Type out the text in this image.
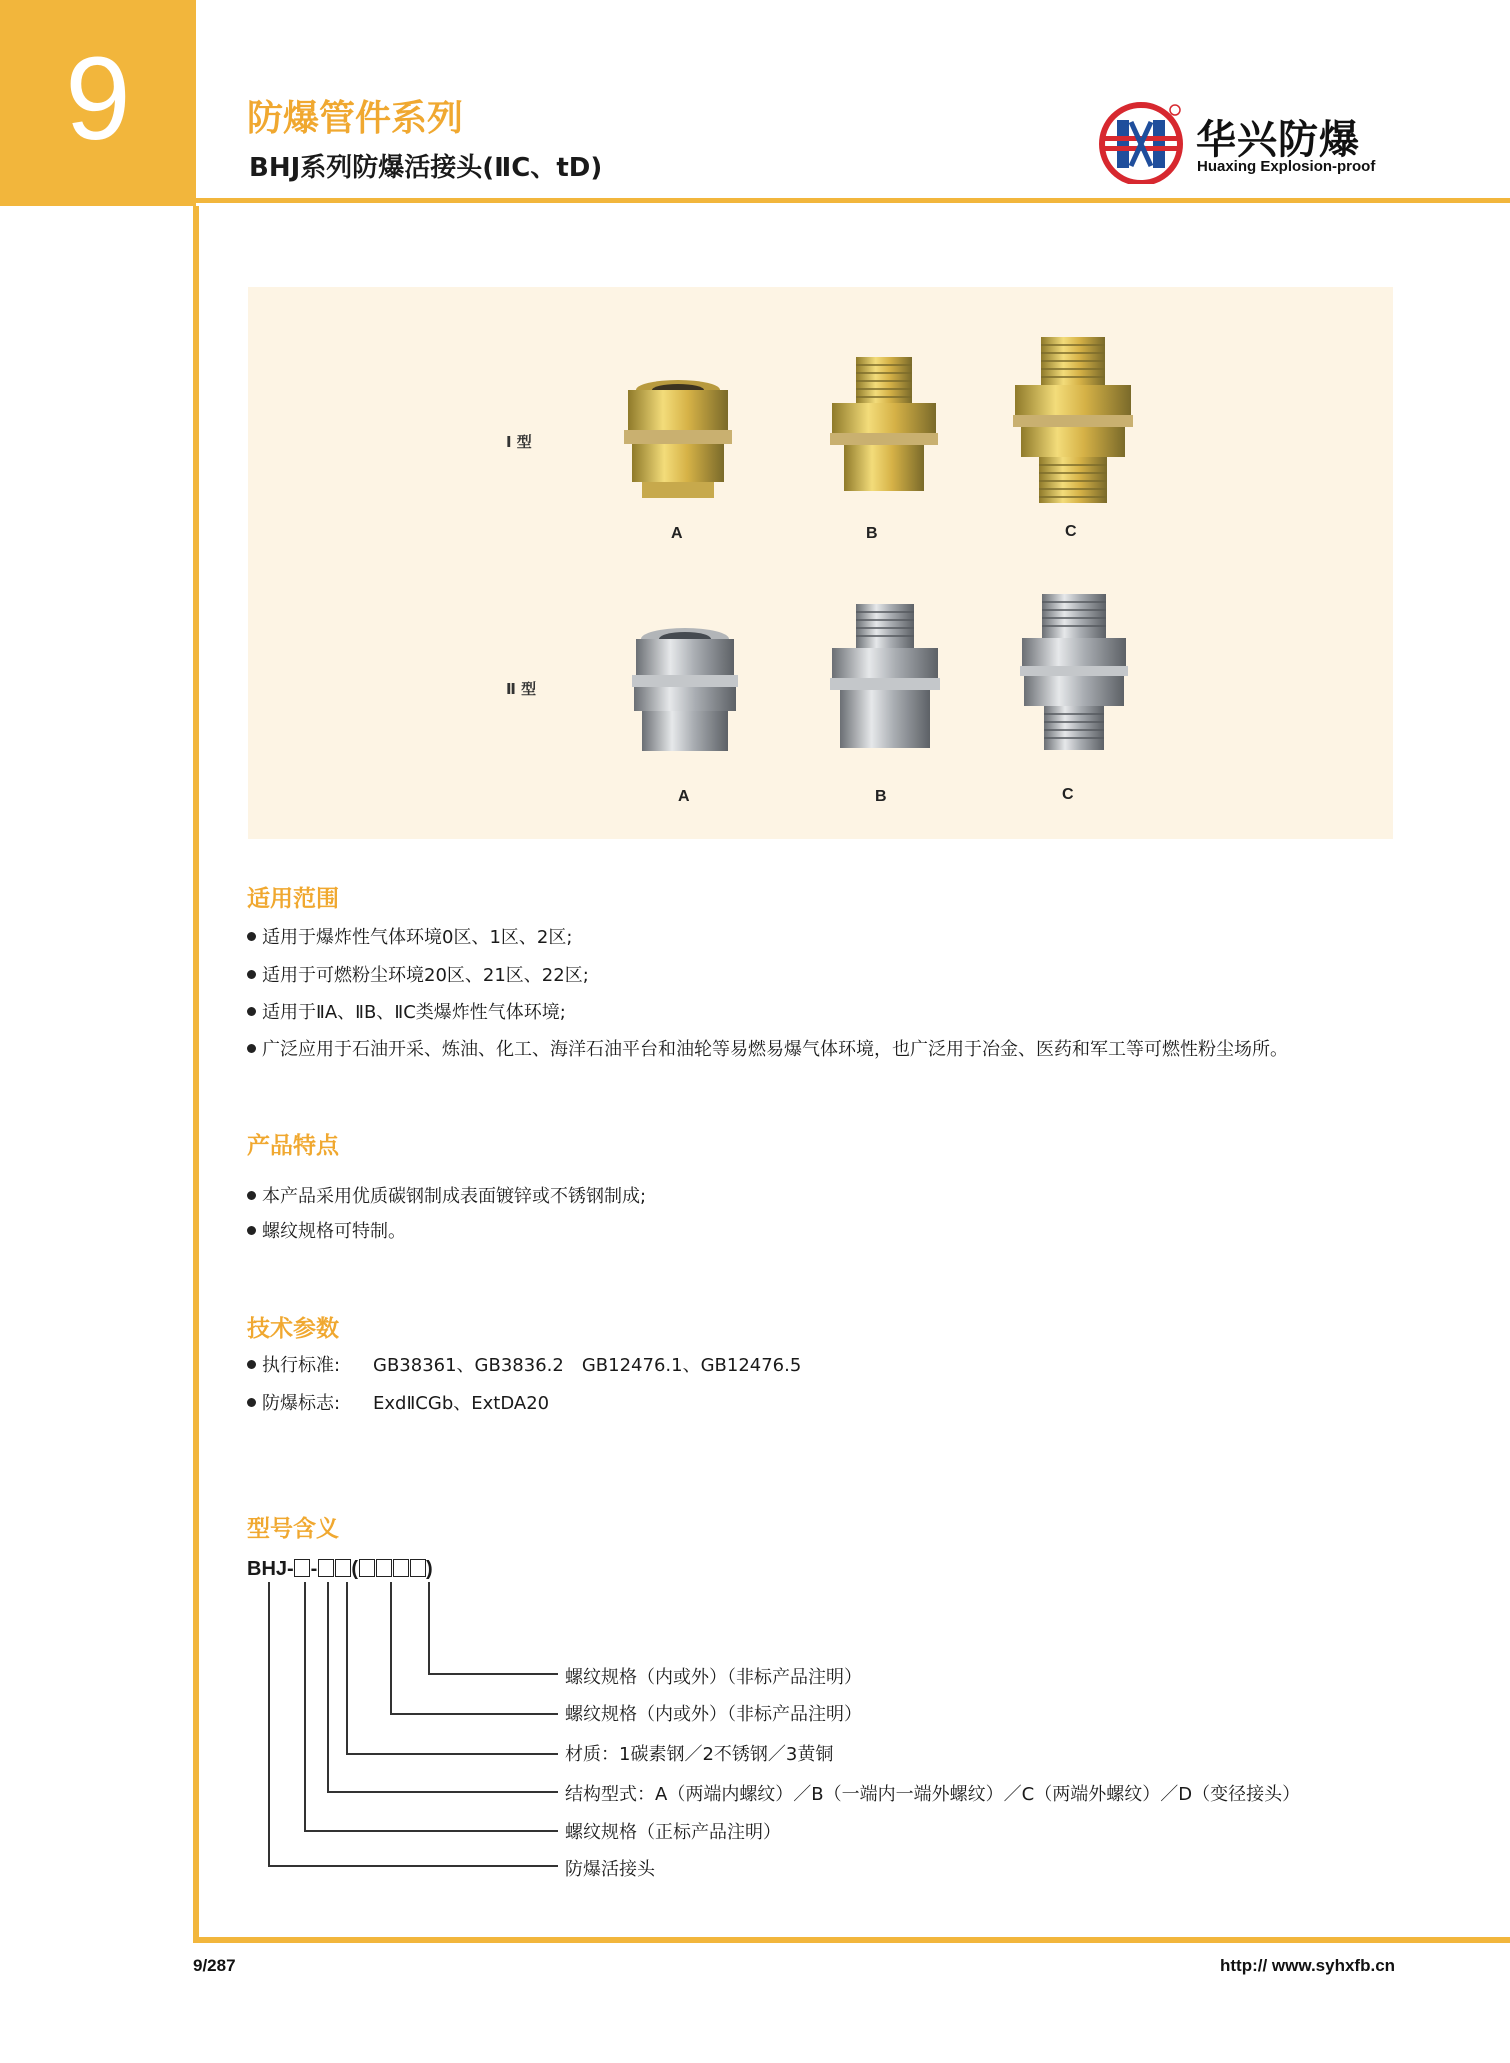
9	防爆管件系列
BHJ系列防爆活接头(ⅡC、tD)
华兴防爆
Huaxing Explosion-proof
Ⅰ 型
Ⅱ 型
A	B	C
A	B	C
适用范围
适用于爆炸性气体环境0区、1区、2区;
适用于可燃粉尘环境20区、21区、22区;
适用于ⅡA、ⅡB、ⅡC类爆炸性气体环境;
广泛应用于石油开采、炼油、化工、海洋石油平台和油轮等易燃易爆气体环境，也广泛用于冶金、医药和军工等可燃性粉尘场所。
产品特点
本产品采用优质碳钢制成表面镀锌或不锈钢制成;
螺纹规格可特制。
技术参数
执行标准: GB38361、GB3836.2　GB12476.1、GB12476.5
防爆标志: ExdⅡCGb、ExtDA20
型号含义
BHJ- - (	)
螺纹规格（内或外）（非标产品注明）
螺纹规格（内或外）（非标产品注明）
材质：1碳素钢／2不锈钢／3黄铜
结构型式：A（两端内螺纹）／B（一端内一端外螺纹）／C（两端外螺纹）／D（变径接头）
螺纹规格（正标产品注明）
防爆活接头
9/287	http:// www.syhxfb.cn
